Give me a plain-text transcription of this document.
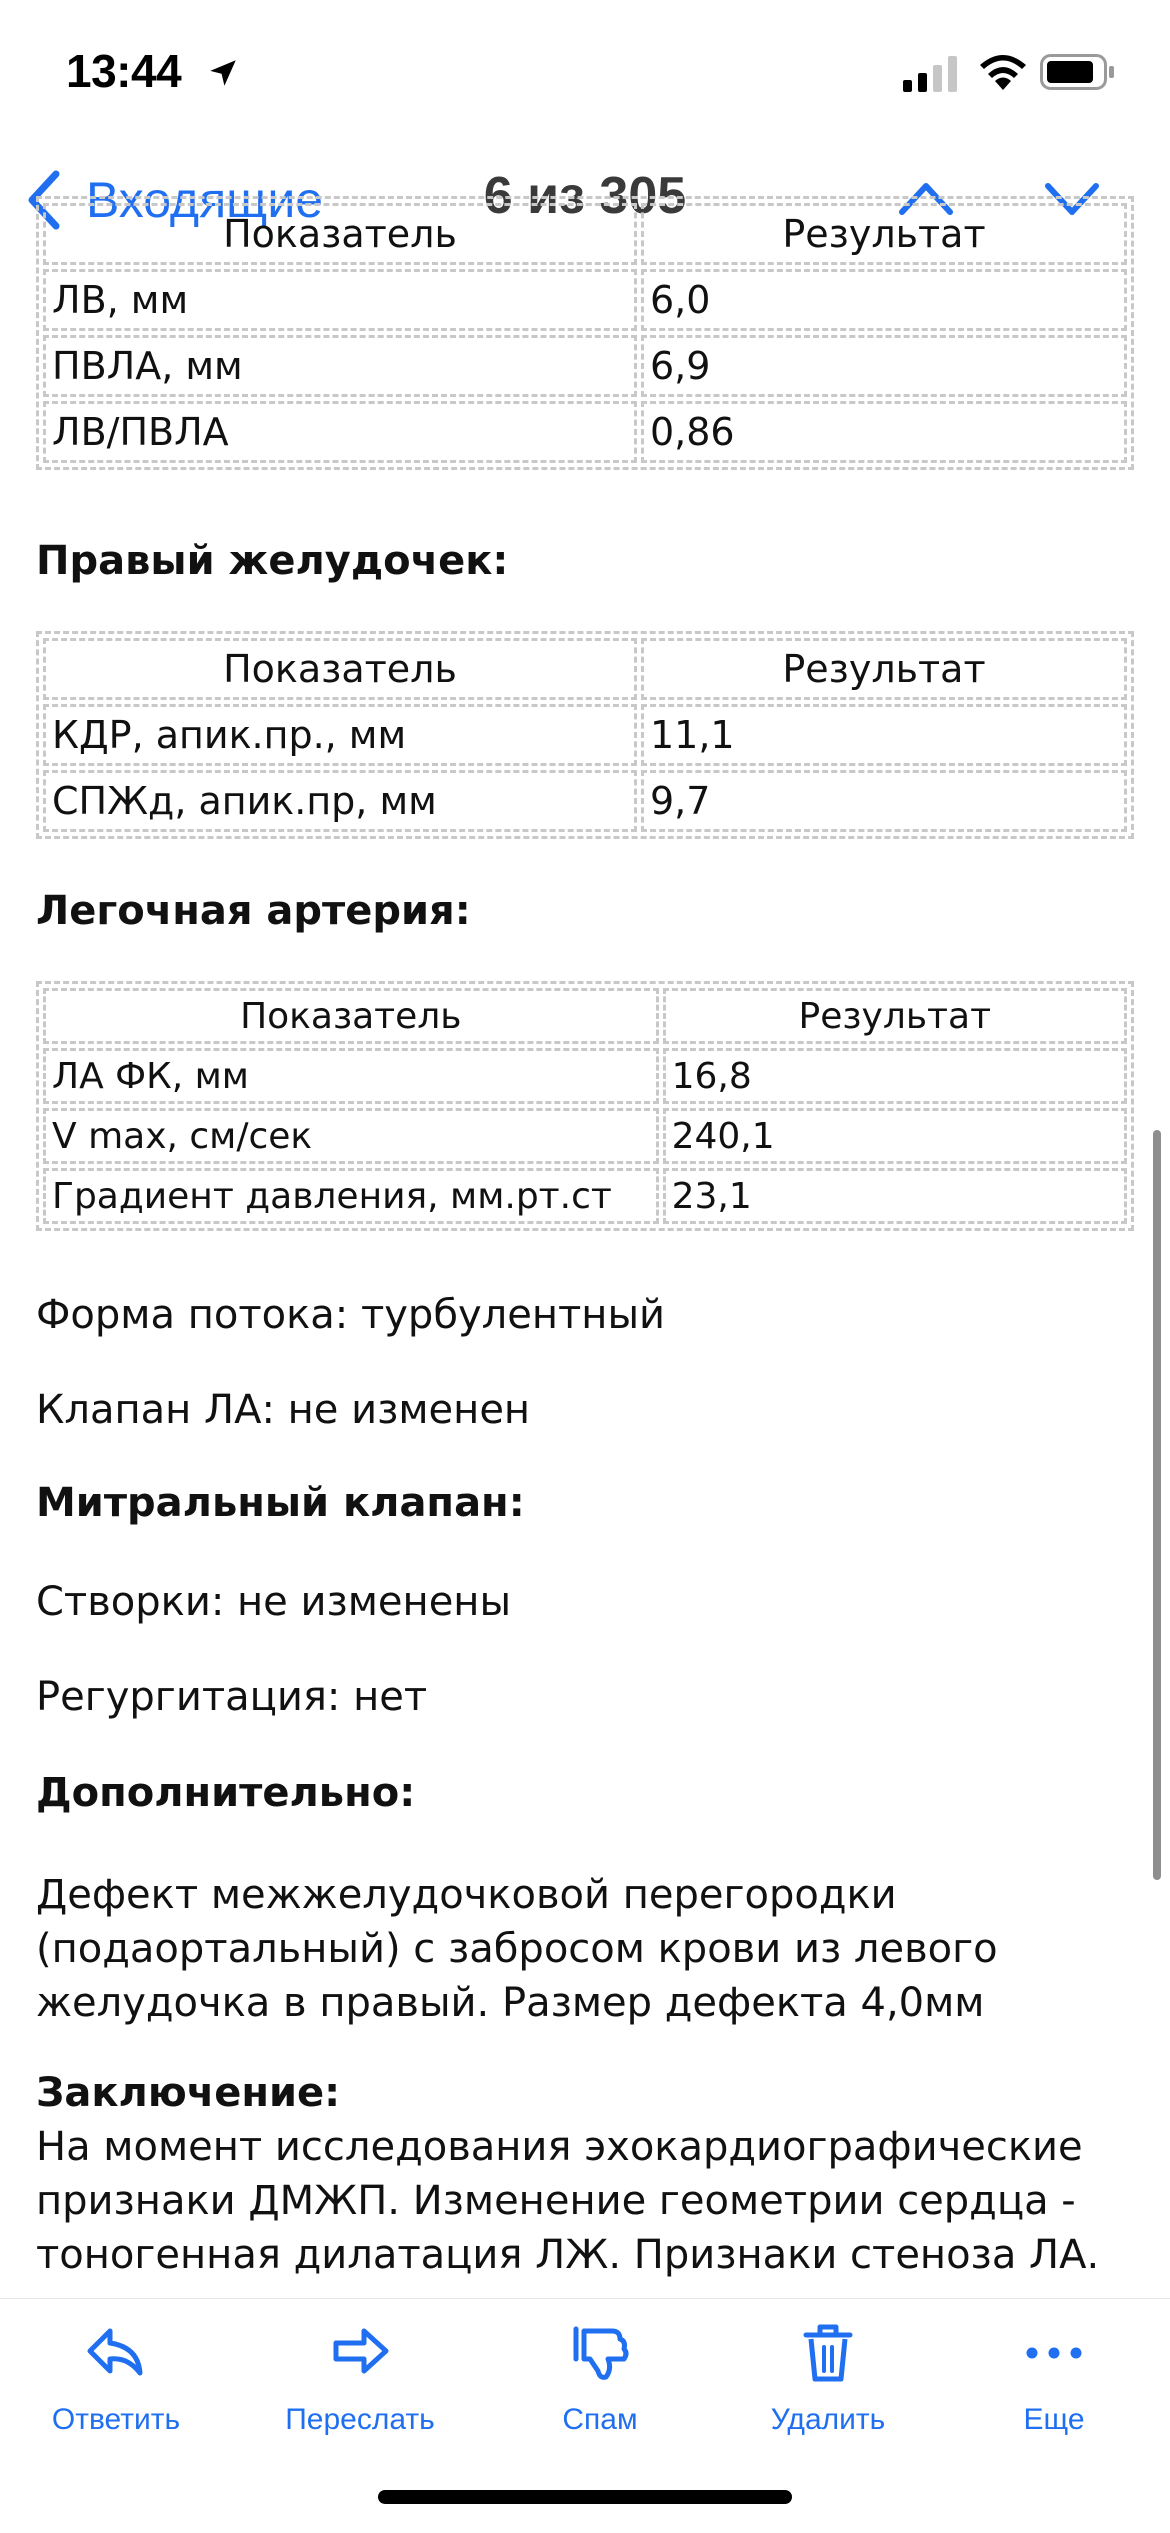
13:44
Входящие	6 из 305
Показатель	Результат
ЛВ, мм	6,0
ПВЛА, мм	6,9
ЛВ/ПВЛА	0,86
Правый желудочек:
Показатель	Результат
КДР, апик.пр., мм	11,1
СПЖд, апик.пр, мм	9,7
Легочная артерия:
Показатель	Результат
ЛА ФК, мм	16,8
V max, см/сек	240,1
Градиент давления, мм.рт.ст	23,1
Форма потока: турбулентный
Клапан ЛА: не изменен
Митральный клапан:
Створки: не изменены
Регургитация: нет
Дополнительно:
Дефект межжелудочковой перегородки
(подаортальный) с забросом крови из левого
желудочка в правый. Размер дефекта 4,0мм
Заключение:
На момент исследования эхокардиографические
признаки ДМЖП. Изменение геометрии сердца -
тоногенная дилатация ЛЖ. Признаки стеноза ЛА.
Ответить	Переслать	Спам	Удалить	Еще
